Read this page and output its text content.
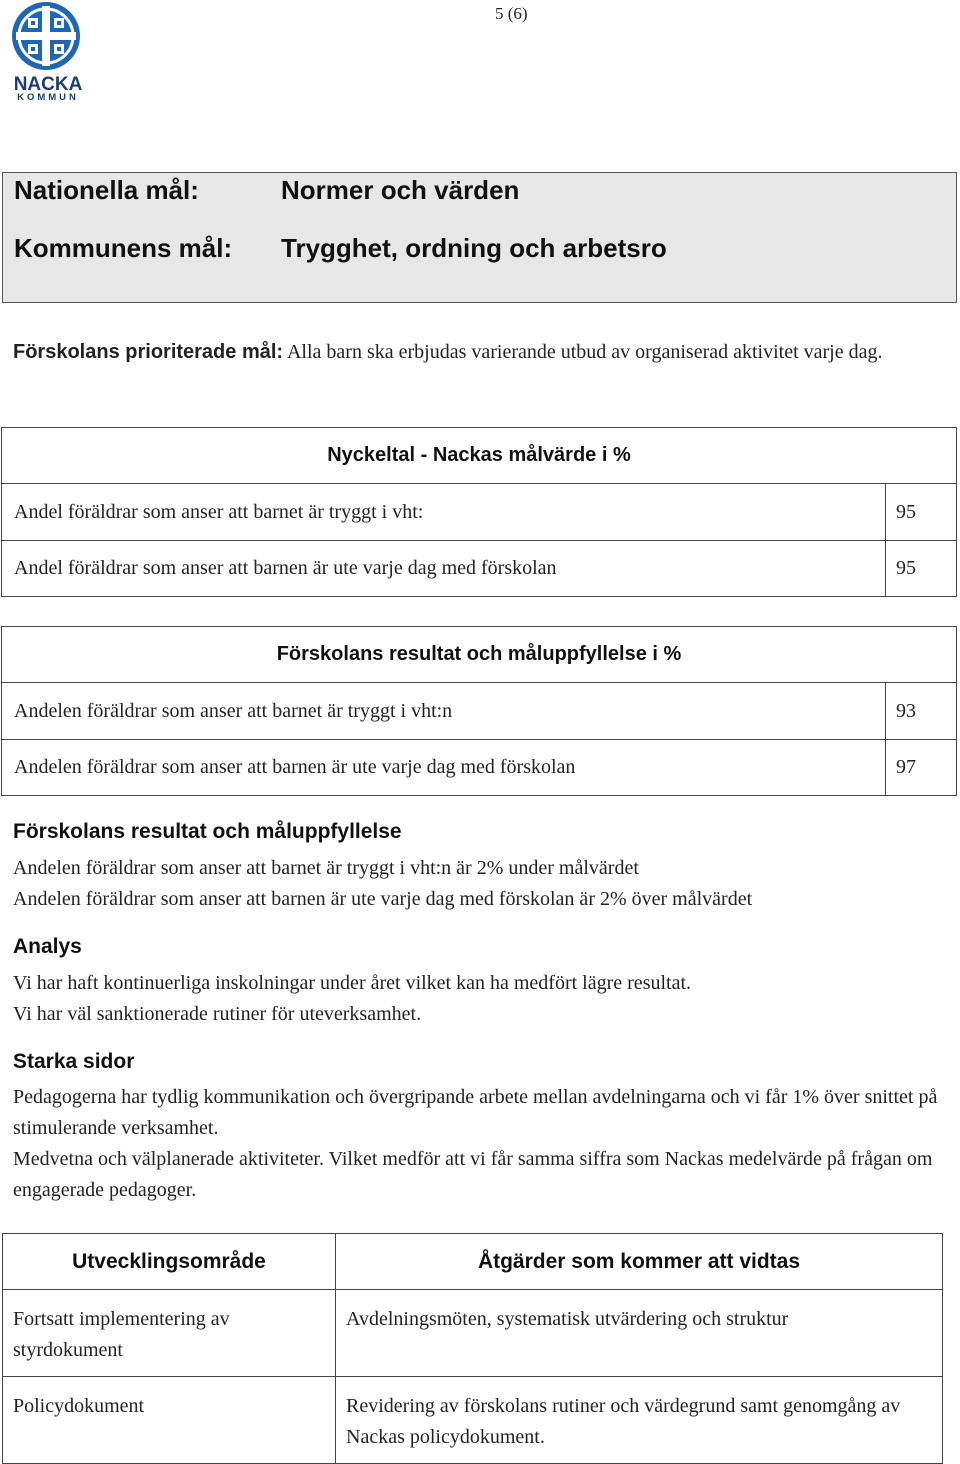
5 (6)
NACKA
KOMMUN
Nationella mål:	Normer och värden
Kommunens mål: Trygghet, ordning och arbetsro
Förskolans prioriterade mål: Alla barn ska erbjudas varierande utbud av organiserad aktivitet varje dag.
Nyckeltal - Nackas målvärde i %	
Andel föräldrar som anser att barnet är tryggt i vht:	95
Andel föräldrar som anser att barnen är ute varje dag med förskolan	95
Förskolans resultat och måluppfyllelse i %	
Andelen föräldrar som anser att barnet är tryggt i vht:n	93
Andelen föräldrar som anser att barnen är ute varje dag med förskolan	97
Förskolans resultat och måluppfyllelse
Andelen föräldrar som anser att barnet är tryggt i vht:n är 2% under målvärdet
Andelen föräldrar som anser att barnen är ute varje dag med förskolan är 2% över målvärdet
Analys
Vi har haft kontinuerliga inskolningar under året vilket kan ha medfört lägre resultat.
Vi har väl sanktionerade rutiner för uteverksamhet.
Starka sidor
Pedagogerna har tydlig kommunikation och övergripande arbete mellan avdelningarna och vi får 1% över snittet på stimulerande verksamhet.
Medvetna och välplanerade aktiviteter. Vilket medför att vi får samma siffra som Nackas medelvärde på frågan om engagerade pedagoger.
Utvecklingsområde	Åtgärder som kommer att vidtas
Fortsatt implementering av styrdokument	Avdelningsmöten, systematisk utvärdering och struktur
Policydokument	Revidering av förskolans rutiner och värdegrund samt genomgång av Nackas policydokument.
